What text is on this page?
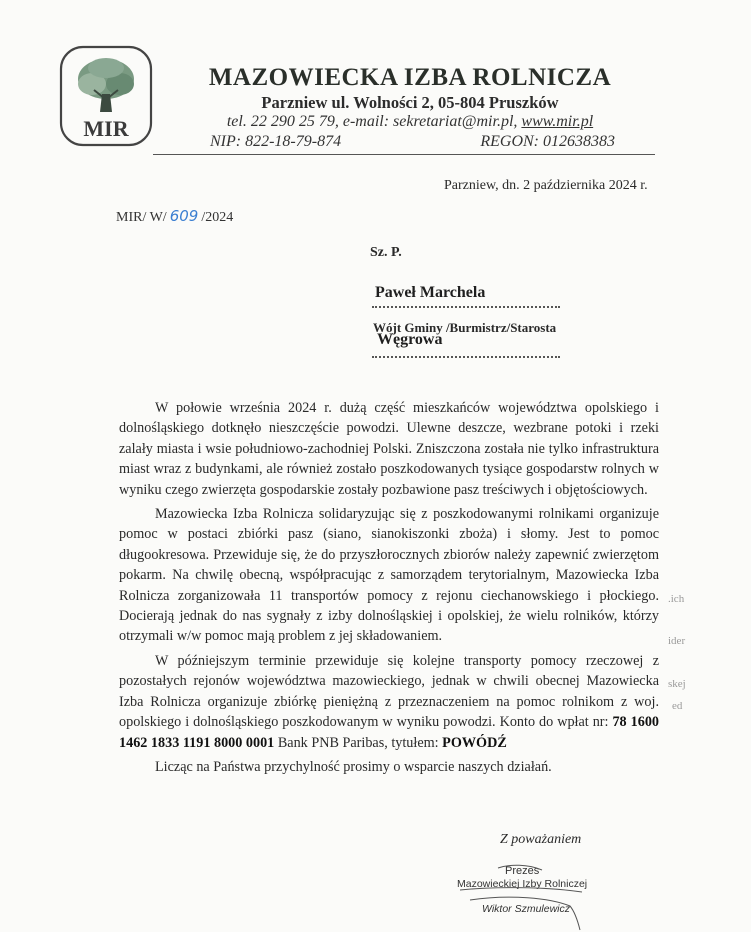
MIR
MAZOWIECKA IZBA ROLNICZA
Parzniew ul. Wolności 2, 05-804 Pruszków
tel. 22 290 25 79, e-mail: sekretariat@mir.pl, www.mir.pl
NIP: 822-18-79-874	REGON: 012638383
Parzniew, dn. 2 października 2024 r.
MIR/ W/ 609 /2024
Sz. P.
Paweł Marchela
Wójt Gminy /Burmistrz/Starosta
Węgrowa

W połowie września 2024 r. dużą część mieszkańców województwa opolskiego i dolnośląskiego dotknęło nieszczęście powodzi. Ulewne deszcze, wezbrane potoki i rzeki zalały miasta i wsie południowo-zachodniej Polski. Zniszczona została nie tylko infrastruktura miast wraz z budynkami, ale również zostało poszkodowanych tysiące gospodarstw rolnych w wyniku czego zwierzęta gospodarskie zostały pozbawione pasz treściwych i objętościowych.

Mazowiecka Izba Rolnicza solidaryzując się z poszkodowanymi rolnikami organizuje pomoc w postaci zbiórki pasz (siano, sianokiszonki zboża) i słomy. Jest to pomoc długookresowa. Przewiduje się, że do przyszłorocznych zbiorów należy zapewnić zwierzętom pokarm. Na chwilę obecną, współpracując z samorządem terytorialnym, Mazowiecka Izba Rolnicza zorganizowała 11 transportów pomocy z rejonu ciechanowskiego i płockiego. Docierają jednak do nas sygnały z izby dolnośląskiej i opolskiej, że wielu rolników, którzy otrzymali w/w pomoc mają problem z jej składowaniem.

W późniejszym terminie przewiduje się kolejne transporty pomocy rzeczowej z pozostałych rejonów województwa mazowieckiego, jednak w chwili obecnej Mazowiecka Izba Rolnicza organizuje zbiórkę pieniężną z przeznaczeniem na pomoc rolnikom z woj. opolskiego i dolnośląskiego poszkodowanym w wyniku powodzi. Konto do wpłat nr: 78 1600 1462 1833 1191 8000 0001 Bank PNB Paribas, tytułem: POWÓDŹ

Licząc na Państwa przychylność prosimy o wsparcie naszych działań.

Z poważaniem
Prezes
Mazowieckiej Izby Rolniczej
Wiktor Szmulewicz
.ich
ider
skej
ed
